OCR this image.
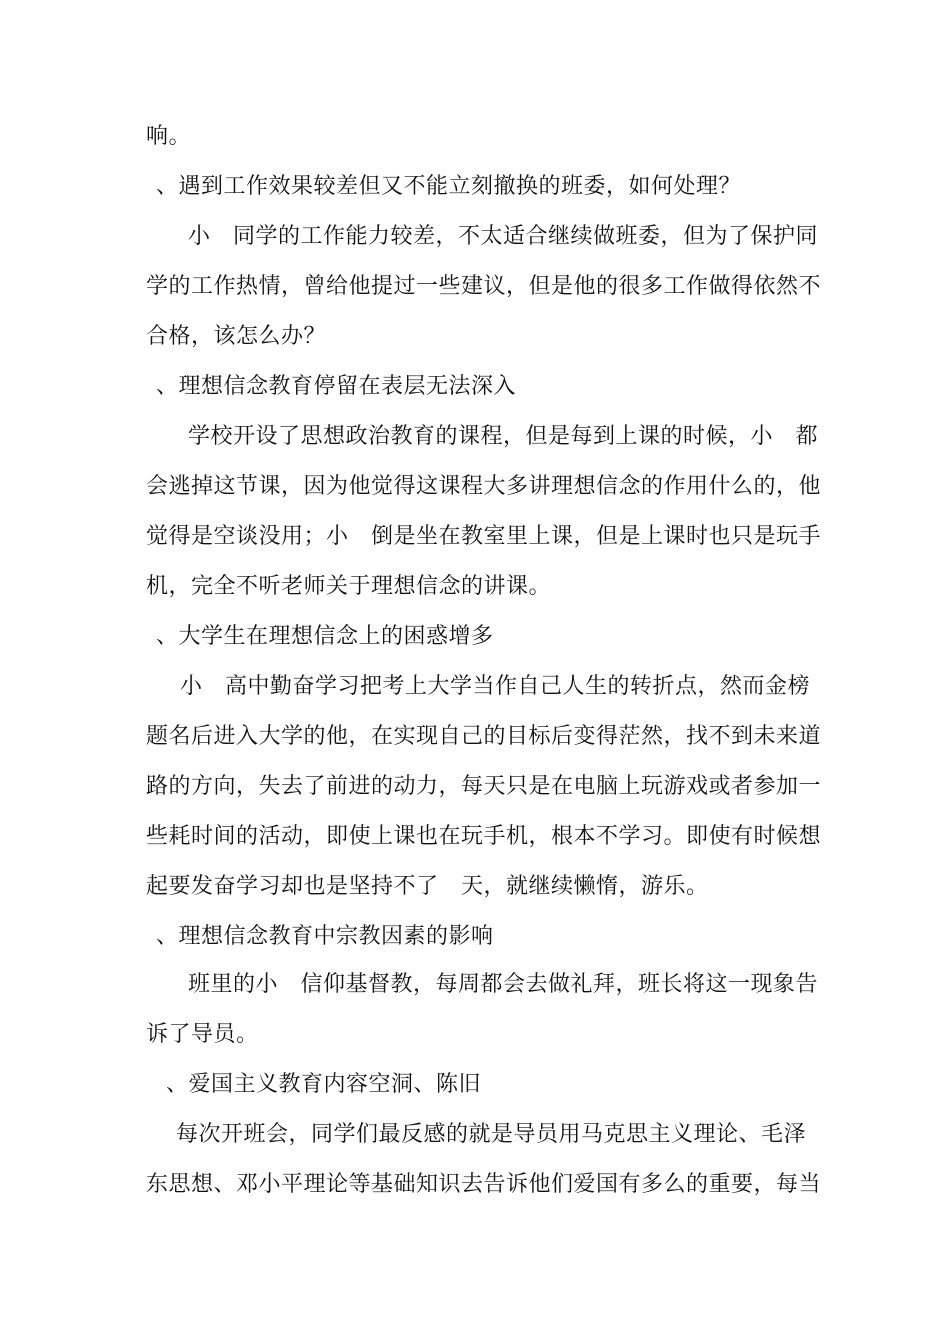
响。
、遇到工作效果较差但又不能立刻撤换的班委，如何处理？
小　同学的工作能力较差，不太适合继续做班委，但为了保护同
学的工作热情，曾给他提过一些建议，但是他的很多工作做得依然不
合格，该怎么办？
、理想信念教育停留在表层无法深入
学校开设了思想政治教育的课程，但是每到上课的时候，小　都
会逃掉这节课，因为他觉得这课程大多讲理想信念的作用什么的，他
觉得是空谈没用；小　倒是坐在教室里上课，但是上课时也只是玩手
机，完全不听老师关于理想信念的讲课。
、大学生在理想信念上的困惑增多
小　高中勤奋学习把考上大学当作自己人生的转折点，然而金榜
题名后进入大学的他，在实现自己的目标后变得茫然，找不到未来道
路的方向，失去了前进的动力，每天只是在电脑上玩游戏或者参加一
些耗时间的活动，即使上课也在玩手机，根本不学习。即使有时候想
起要发奋学习却也是坚持不了　天，就继续懒惰，游乐。
、理想信念教育中宗教因素的影响
班里的小　信仰基督教，每周都会去做礼拜，班长将这一现象告
诉了导员。
、爱国主义教育内容空洞、陈旧
每次开班会，同学们最反感的就是导员用马克思主义理论、毛泽
东思想、邓小平理论等基础知识去告诉他们爱国有多么的重要，每当
